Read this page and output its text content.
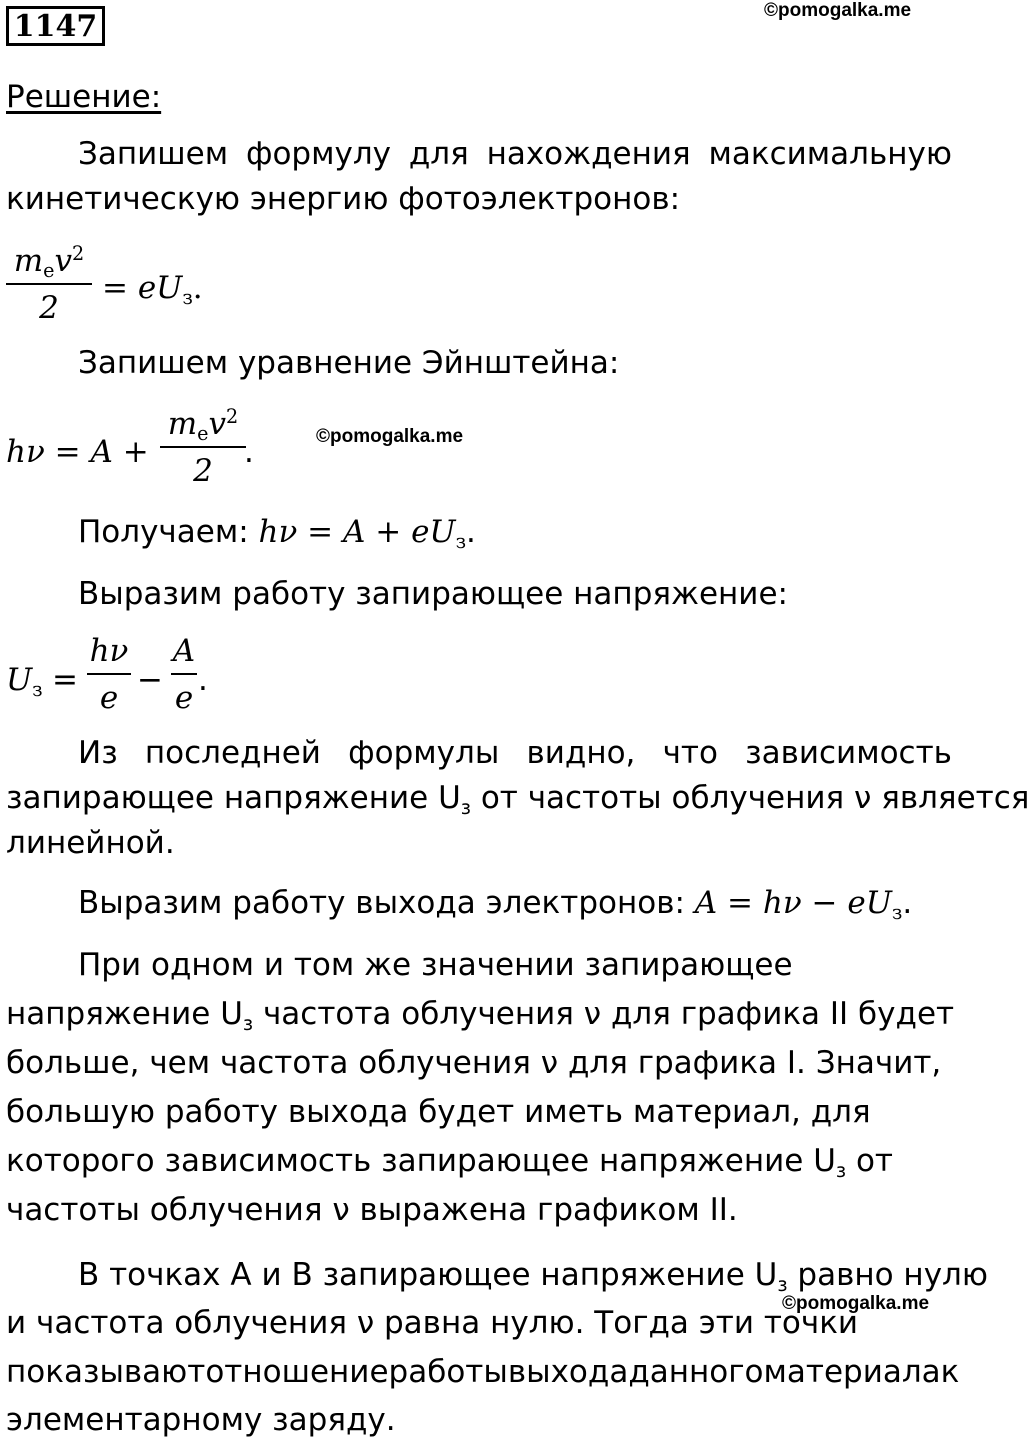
1147	©pomogalka.me
Решение:
Запишем формулу для нахождения максимальную
кинетическую энергию фотоэлектронов:
mev$^2$
2
= eUз.
Запишем уравнение Эйнштейна:
hν = A +
mev$^2$
2
.	©pomogalka.me
Получаем: hν = A + eUз.
Выразим работу запирающее напряжение:
Uз =
hν
e −
A
e .
Из последней формулы видно, что зависимость
запирающее напряжение Uз от частоты облучения ν является
линейной.
Выразим работу выхода электронов: A = hν − eUз.
При одном и том же значении запирающее
напряжение Uз частота облучения ν для графика II будет
больше, чем частота облучения ν для графика I. Значит,
большую работу выхода будет иметь материал, для
которого зависимость запирающее напряжение Uз от
частоты облучения ν выражена графиком II.
В точках A и B запирающее напряжение Uз равно нулю
©pomogalka.me
и частота облучения ν равна нулю. Тогда эти точки
показывают отношение работы выхода данного материала к
элементарному заряду.
